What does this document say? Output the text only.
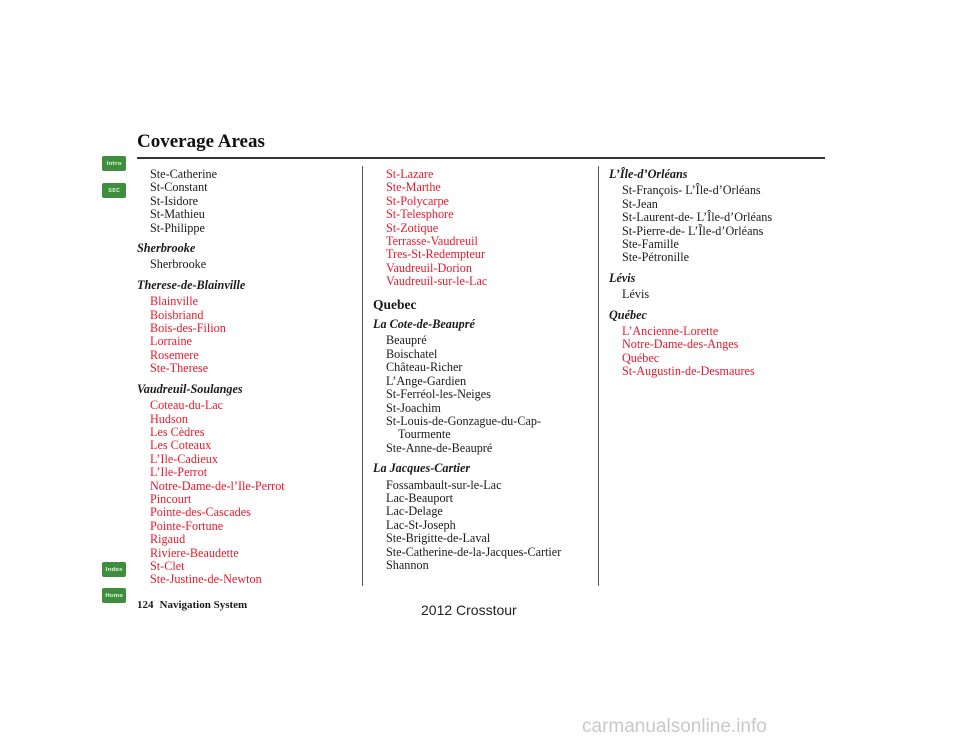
Coverage Areas
Intro
SEC
Index
Home
Ste-Catherine
St-Constant
St-Isidore
St-Mathieu
St-Philippe
Sherbrooke
Sherbrooke
Therese-de-Blainville
Blainville
Boisbriand
Bois-des-Filion
Lorraine
Rosemere
Ste-Therese
Vaudreuil-Soulanges
Coteau-du-Lac
Hudson
Les Cèdres
Les Coteaux
L’Ile-Cadieux
L’Ile-Perrot
Notre-Dame-de-l’Ile-Perrot
Pincourt
Pointe-des-Cascades
Pointe-Fortune
Rigaud
Riviere-Beaudette
St-Clet
Ste-Justine-de-Newton
St-Lazare
Ste-Marthe
St-Polycarpe
St-Telesphore
St-Zotique
Terrasse-Vaudreuil
Tres-St-Redempteur
Vaudreuil-Dorion
Vaudreuil-sur-le-Lac
Quebec
La Cote-de-Beaupré
Beaupré
Boischatel
Château-Richer
L’Ange-Gardien
St-Ferréol-les-Neiges
St-Joachim
St-Louis-de-Gonzague-du-Cap-
Tourmente
Ste-Anne-de-Beaupré
La Jacques-Cartier
Fossambault-sur-le-Lac
Lac-Beauport
Lac-Delage
Lac-St-Joseph
Ste-Brigitte-de-Laval
Ste-Catherine-de-la-Jacques-Cartier
Shannon
L’Île-d’Orléans
St-François- L’Île-d’Orléans
St-Jean
St-Laurent-de- L’Île-d’Orléans
St-Pierre-de- L’Île-d’Orléans
Ste-Famille
Ste-Pétronille
Lévis
Lévis
Québec
L’Ancienne-Lorette
Notre-Dame-des-Anges
Québec
St-Augustin-de-Desmaures
124 Navigation System	2012 Crosstour
carmanualsonline.info
